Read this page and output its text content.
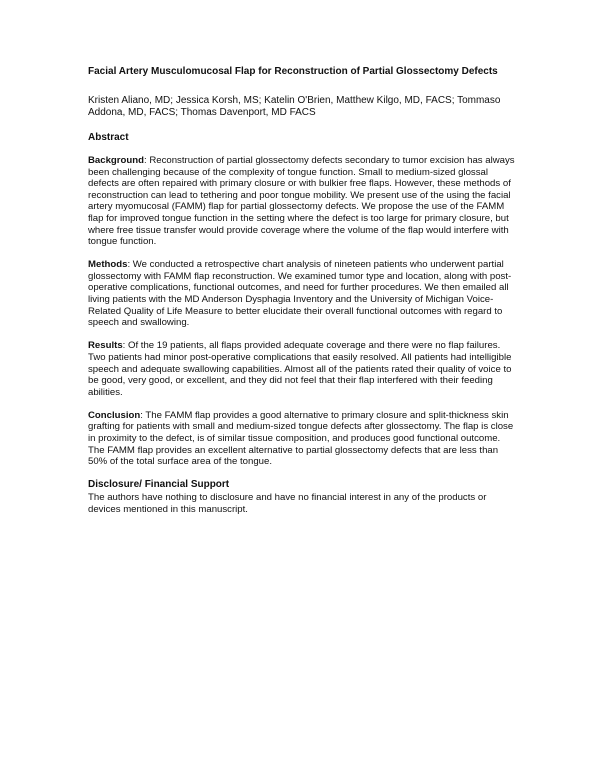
Facial Artery Musculomucosal Flap for Reconstruction of Partial Glossectomy Defects
Kristen Aliano, MD; Jessica Korsh, MS; Katelin O'Brien, Matthew Kilgo, MD, FACS; Tommaso Addona, MD, FACS; Thomas Davenport, MD FACS
Abstract
Background: Reconstruction of partial glossectomy defects secondary to tumor excision has always been challenging because of the complexity of tongue function. Small to medium-sized glossal defects are often repaired with primary closure or with bulkier free flaps. However, these methods of reconstruction can lead to tethering and poor tongue mobility. We present use of the using the facial artery myomucosal (FAMM) flap for partial glossectomy defects. We propose the use of the FAMM flap for improved tongue function in the setting where the defect is too large for primary closure, but where free tissue transfer would provide coverage where the volume of the flap would interfere with tongue function.
Methods: We conducted a retrospective chart analysis of nineteen patients who underwent partial glossectomy with FAMM flap reconstruction. We examined tumor type and location, along with post-operative complications, functional outcomes, and need for further procedures. We then emailed all living patients with the MD Anderson Dysphagia Inventory and the University of Michigan Voice-Related Quality of Life Measure to better elucidate their overall functional outcomes with regard to speech and swallowing.
Results: Of the 19 patients, all flaps provided adequate coverage and there were no flap failures. Two patients had minor post-operative complications that easily resolved. All patients had intelligible speech and adequate swallowing capabilities. Almost all of the patients rated their quality of voice to be good, very good, or excellent, and they did not feel that their flap interfered with their feeding abilities.
Conclusion: The FAMM flap provides a good alternative to primary closure and split-thickness skin grafting for patients with small and medium-sized tongue defects after glossectomy. The flap is close in proximity to the defect, is of similar tissue composition, and produces good functional outcome. The FAMM flap provides an excellent alternative to partial glossectomy defects that are less than 50% of the total surface area of the tongue.
Disclosure/ Financial Support
The authors have nothing to disclosure and have no financial interest in any of the products or devices mentioned in this manuscript.
